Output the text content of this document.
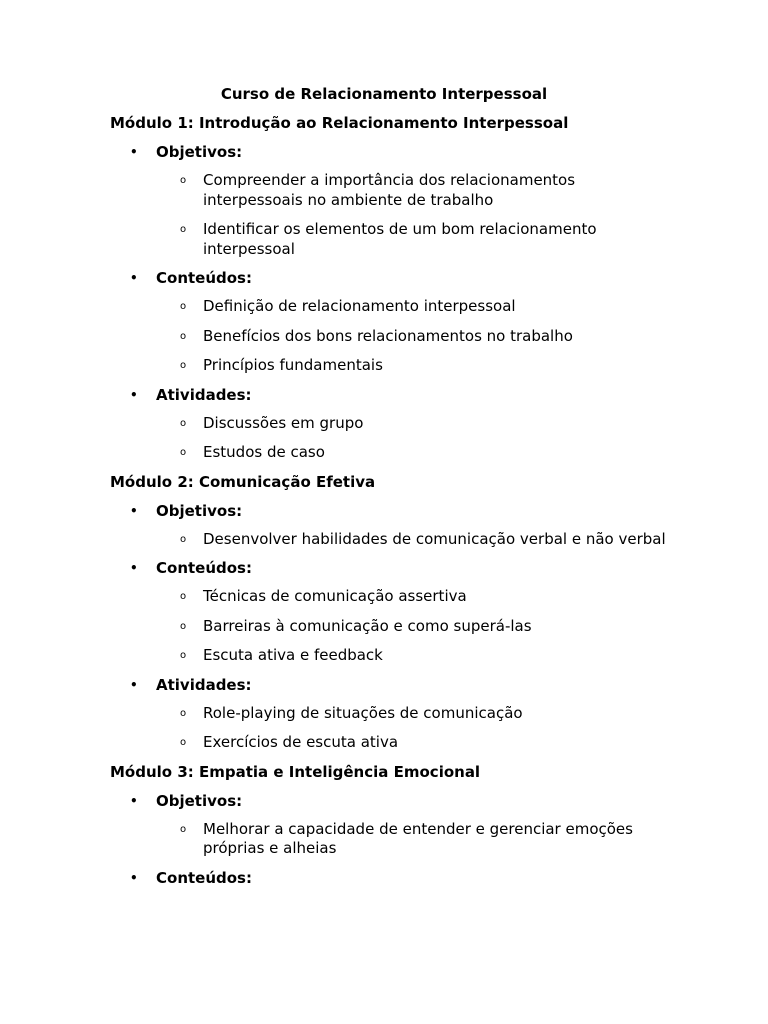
Curso de Relacionamento Interpessoal
Módulo 1: Introdução ao Relacionamento Interpessoal
• Objetivos:
o Compreender a importância dos relacionamentos interpessoais no ambiente de trabalho
o Identificar os elementos de um bom relacionamento interpessoal
• Conteúdos:
o Definição de relacionamento interpessoal
o Benefícios dos bons relacionamentos no trabalho
o Princípios fundamentais
• Atividades:
o Discussões em grupo
o Estudos de caso
Módulo 2: Comunicação Efetiva
• Objetivos:
o Desenvolver habilidades de comunicação verbal e não verbal
• Conteúdos:
o Técnicas de comunicação assertiva
o Barreiras à comunicação e como superá-las
o Escuta ativa e feedback
• Atividades:
o Role-playing de situações de comunicação
o Exercícios de escuta ativa
Módulo 3: Empatia e Inteligência Emocional
• Objetivos:
o Melhorar a capacidade de entender e gerenciar emoções próprias e alheias
• Conteúdos:
